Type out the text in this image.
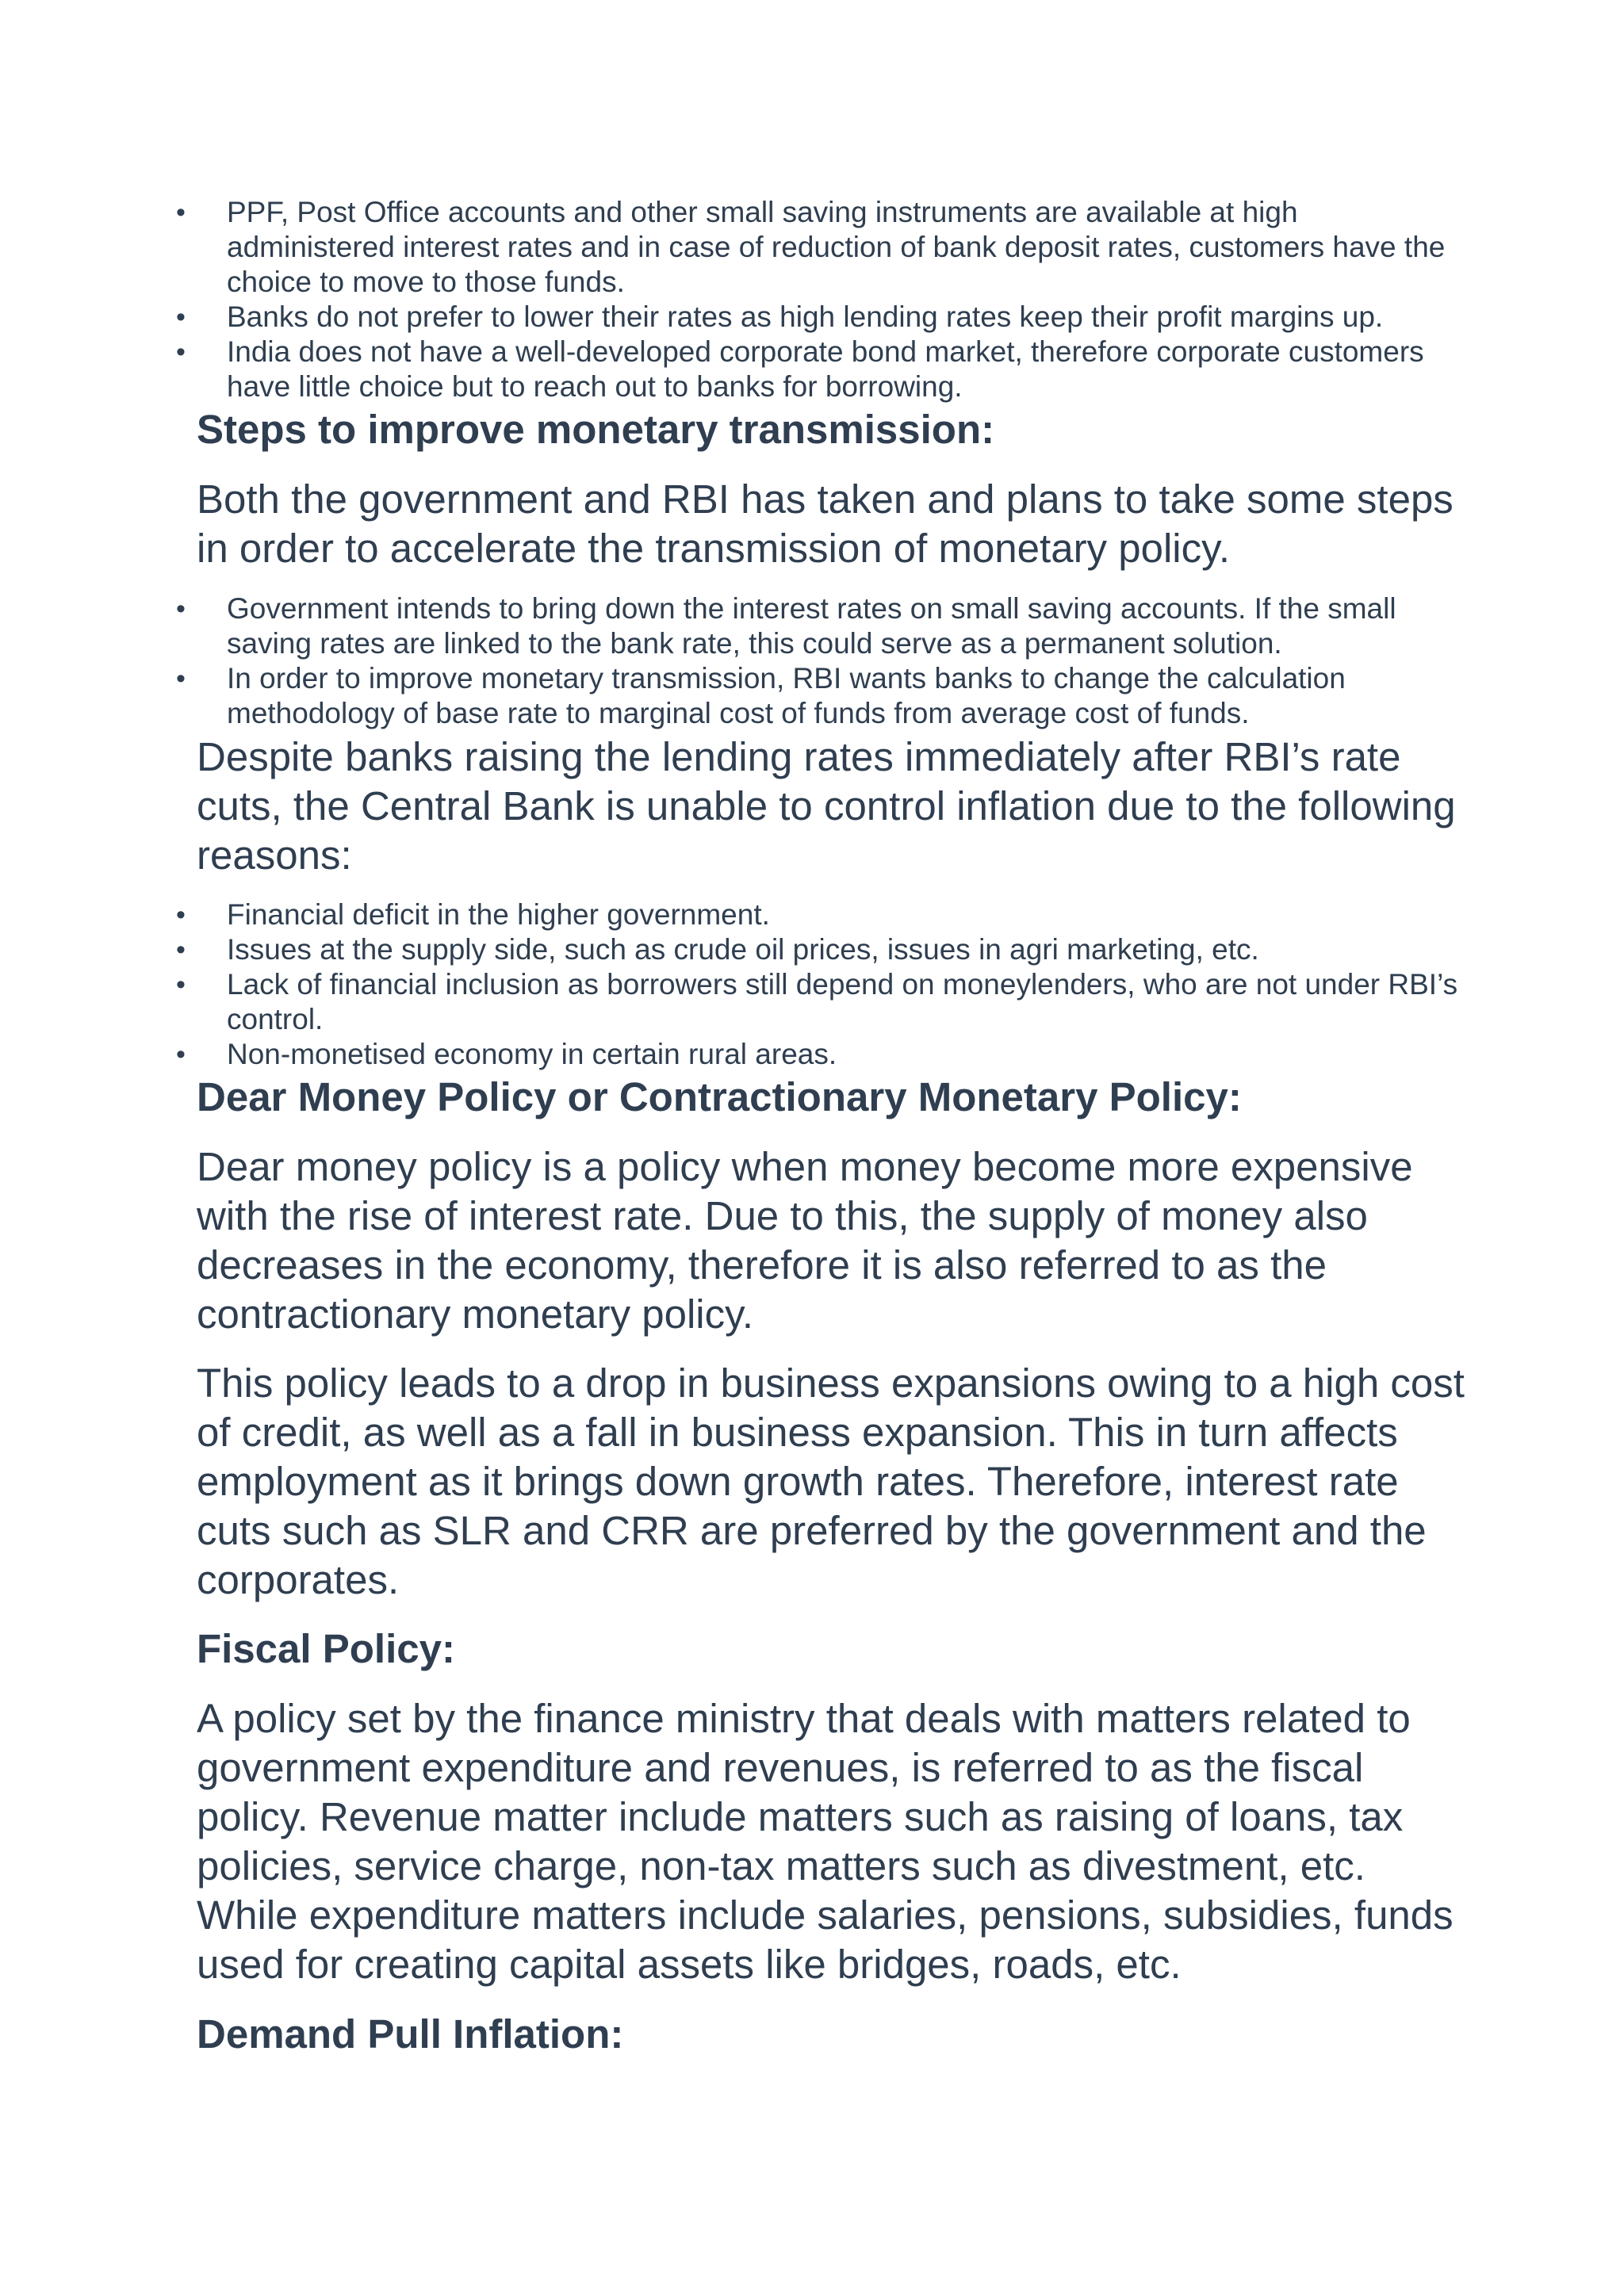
• PPF, Post Office accounts and other small saving instruments are available at high administered interest rates and in case of reduction of bank deposit rates, customers have the choice to move to those funds.
• Banks do not prefer to lower their rates as high lending rates keep their profit margins up.
• India does not have a well-developed corporate bond market, therefore corporate customers have little choice but to reach out to banks for borrowing.
Steps to improve monetary transmission:

Both the government and RBI has taken and plans to take some steps in order to accelerate the transmission of monetary policy.

• Government intends to bring down the interest rates on small saving accounts. If the small saving rates are linked to the bank rate, this could serve as a permanent solution.
• In order to improve monetary transmission, RBI wants banks to change the calculation methodology of base rate to marginal cost of funds from average cost of funds.

Despite banks raising the lending rates immediately after RBI’s rate cuts, the Central Bank is unable to control inflation due to the following reasons:

• Financial deficit in the higher government.
• Issues at the supply side, such as crude oil prices, issues in agri marketing, etc.
• Lack of financial inclusion as borrowers still depend on moneylenders, who are not under RBI’s control.
• Non-monetised economy in certain rural areas.
Dear Money Policy or Contractionary Monetary Policy:

Dear money policy is a policy when money become more expensive with the rise of interest rate. Due to this, the supply of money also decreases in the economy, therefore it is also referred to as the contractionary monetary policy.

This policy leads to a drop in business expansions owing to a high cost of credit, as well as a fall in business expansion. This in turn affects employment as it brings down growth rates. Therefore, interest rate cuts such as SLR and CRR are preferred by the government and the corporates.

Fiscal Policy:

A policy set by the finance ministry that deals with matters related to government expenditure and revenues, is referred to as the fiscal policy. Revenue matter include matters such as raising of loans, tax policies, service charge, non-tax matters such as divestment, etc. While expenditure matters include salaries, pensions, subsidies, funds used for creating capital assets like bridges, roads, etc.

Demand Pull Inflation:
